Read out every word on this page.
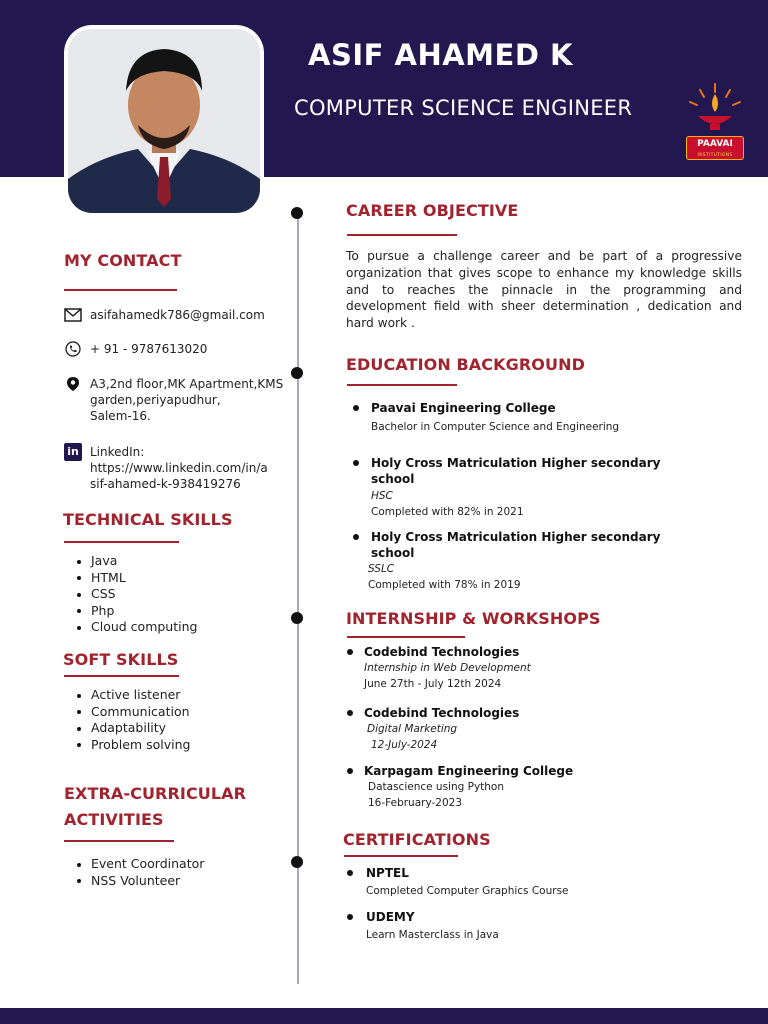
ASIF AHAMED K
COMPUTER SCIENCE ENGINEER
PAAVAI
INSTITUTIONS
MY CONTACT
asifahamedk786@gmail.com
+ 91 - 9787613020
A3,2nd floor,MK Apartment,KMS
garden,periyapudhur,
Salem-16.
in LinkedIn:
https://www.linkedin.com/in/a
sif-ahamed-k-938419276
TECHNICAL SKILLS
Java
HTML
CSS
Php
Cloud computing
SOFT SKILLS
Active listener
Communication
Adaptability
Problem solving
EXTRA-CURRICULAR
ACTIVITIES
Event Coordinator
NSS Volunteer
CAREER OBJECTIVE
To pursue a challenge career and be part of a progressive organization that gives scope to enhance my knowledge skills and to reaches the pinnacle in the programming and development field with sheer determination , dedication and hard work .
EDUCATION BACKGROUND
Paavai Engineering College
Bachelor in Computer Science and Engineering
Holy Cross Matriculation Higher secondary
school
HSC
Completed with 82% in 2021
Holy Cross Matriculation Higher secondary
school
SSLC
Completed with 78% in 2019
INTERNSHIP & WORKSHOPS
Codebind Technologies
Internship in Web Development
June 27th - July 12th 2024
Codebind Technologies
Digital Marketing
12-July-2024
Karpagam Engineering College
Datascience using Python
16-February-2023
CERTIFICATIONS
NPTEL
Completed Computer Graphics Course
UDEMY
Learn Masterclass in Java
